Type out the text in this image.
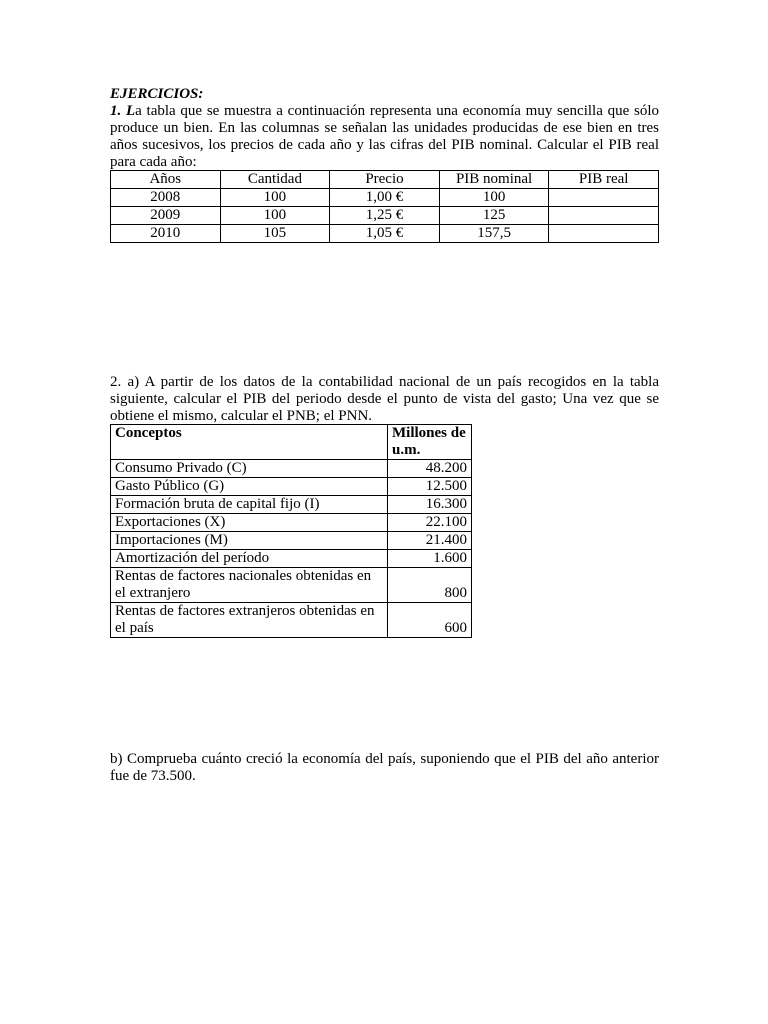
EJERCICIOS:
1. La tabla que se muestra a continuación representa una economía muy sencilla que sólo produce un bien. En las columnas se señalan las unidades producidas de ese bien en tres años sucesivos, los precios de cada año y las cifras del PIB nominal. Calcular el PIB real para cada año:
Años	Cantidad	Precio	PIB nominal	PIB real
2008	100	1,00 €	100	
2009	100	1,25 €	125	
2010	105	1,05 €	157,5	
2. a) A partir de los datos de la contabilidad nacional de un país recogidos en la tabla siguiente, calcular el PIB del periodo desde el punto de vista del gasto; Una vez que se obtiene el mismo, calcular el PNB; el PNN.
Conceptos	Millones de u.m.
Consumo Privado (C)	48.200
Gasto Público (G)	12.500
Formación bruta de capital fijo (I)	16.300
Exportaciones (X)	22.100
Importaciones (M)	21.400
Amortización del período	1.600
Rentas de factores nacionales obtenidas en el extranjero	800
Rentas de factores extranjeros obtenidas en el país	600
b) Comprueba cuánto creció la economía del país, suponiendo que el PIB del año anterior fue de 73.500.
